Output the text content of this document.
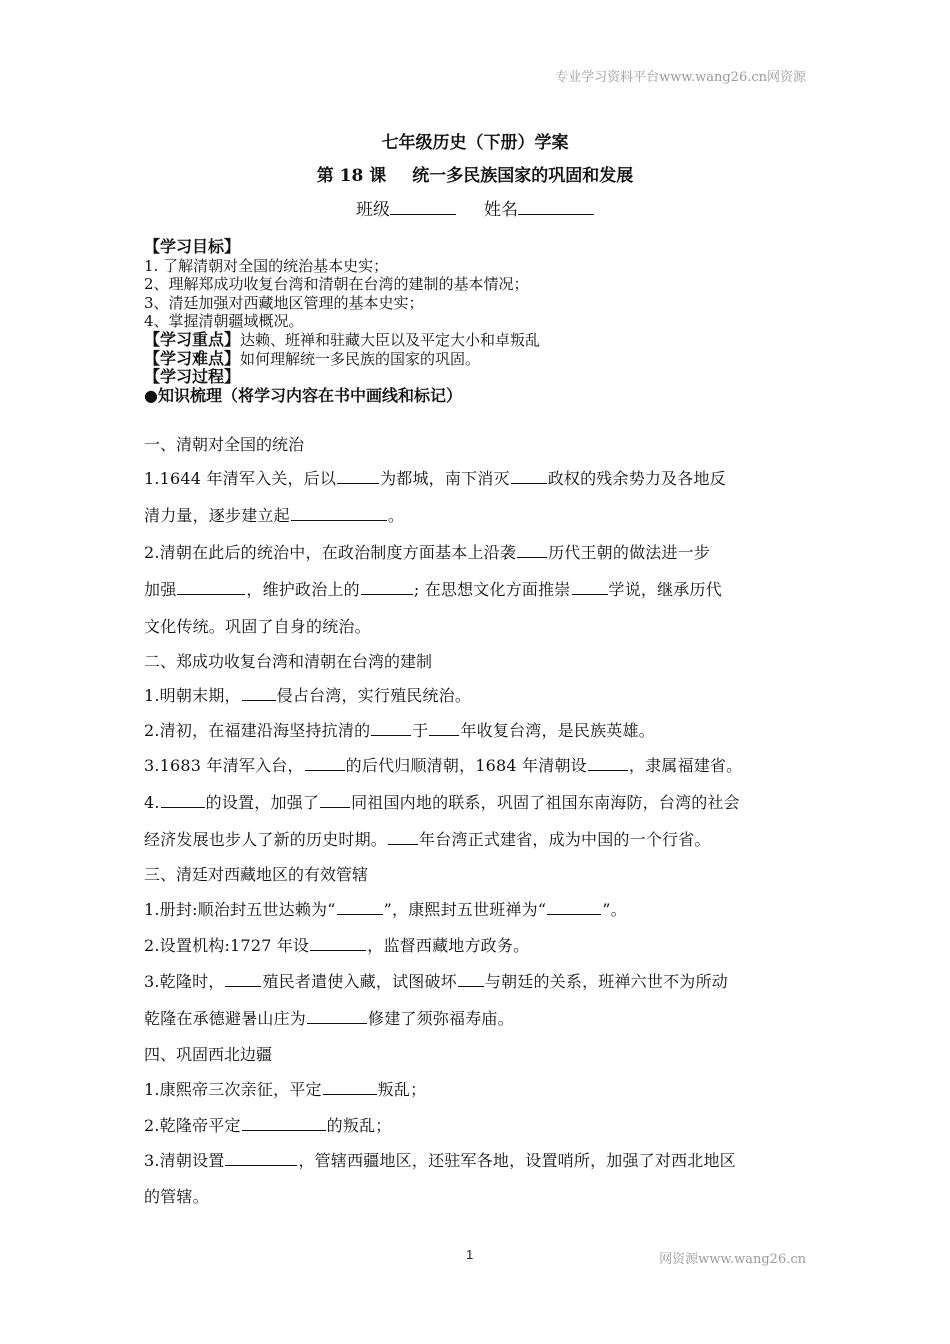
专业学习资料平台www.wang26.cn网资源
七年级历史（下册）学案
第 18 课 统一多民族国家的巩固和发展
班级	姓名
【学习目标】
1. 了解清朝对全国的统治基本史实；
2、理解郑成功收复台湾和清朝在台湾的建制的基本情况；
3、清廷加强对西藏地区管理的基本史实；
4、掌握清朝疆域概况。
【学习重点】达赖、班禅和驻藏大臣以及平定大小和卓叛乱
【学习难点】如何理解统一多民族的国家的巩固。
【学习过程】
●知识梳理（将学习内容在书中画线和标记）
一、清朝对全国的统治
1.1644 年清军入关，后以	为都城，南下消灭 政权的残余势力及各地反
清力量，逐步建立起	。
2.清朝在此后的统治中，在政治制度方面基本上沿袭 历代王朝的做法进一步
加强	，维护政治上的	; 在思想文化方面推崇 学说，继承历代
文化传统。巩固了自身的统治。
二、郑成功收复台湾和清朝在台湾的建制
1.明朝末期， 侵占台湾，实行殖民统治。
2.清初，在福建沿海坚持抗清的	于 年收复台湾，是民族英雄。
3.1683 年清军入台，	的后代归顺清朝，1684 年清朝设	，隶属福建省。
4.	的设置，加强了 同祖国内地的联系，巩固了祖国东南海防，台湾的社会
经济发展也步人了新的历史时期。 年台湾正式建省，成为中国的一个行省。
三、清廷对西藏地区的有效管辖
1.册封:顺治封五世达赖为“	”，康熙封五世班禅为“	”。
2.设置机构:1727 年设	，监督西藏地方政务。
3.乾隆时， 殖民者遣使入藏，试图破坏 与朝廷的关系，班禅六世不为所动
乾隆在承德避暑山庄为	修建了须弥福寿庙。
四、巩固西北边疆
1.康熙帝三次亲征，平定	叛乱；
2.乾隆帝平定	的叛乱；
3.清朝设置	，管辖西疆地区，还驻军各地，设置哨所，加强了对西北地区
的管辖。
1	网资源www.wang26.cn
